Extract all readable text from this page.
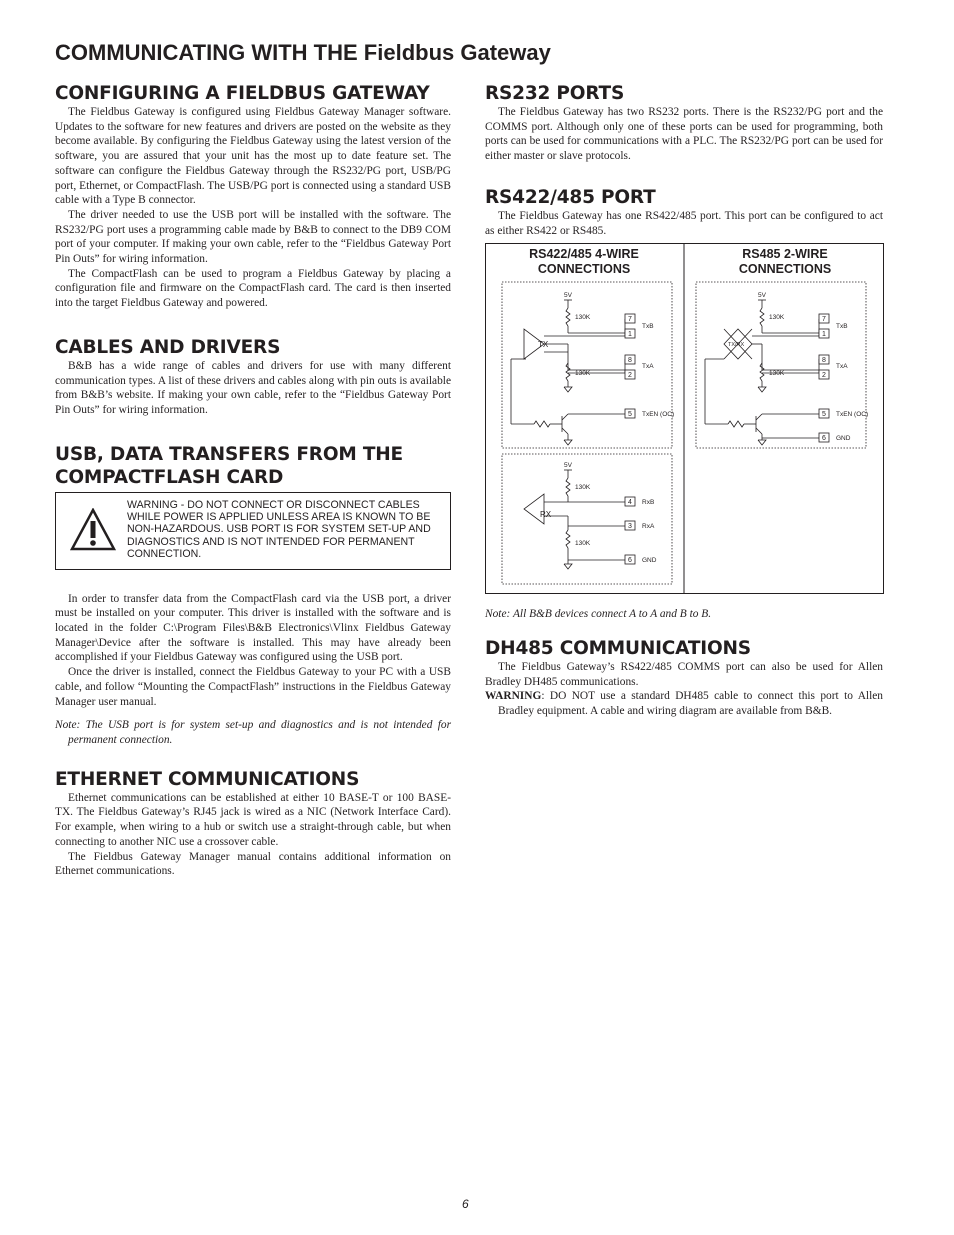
COMMUNICATING WITH THE Fieldbus Gateway
CONFIGURING A FIELDBUS GATEWAY

The Fieldbus Gateway is configured using Fieldbus Gateway Manager software. Updates to the software for new features and drivers are posted on the website as they become available. By configuring the Fieldbus Gateway using the latest version of the software, you are assured that your unit has the most up to date feature set. The software can configure the Fieldbus Gateway through the RS232/PG port, USB/PG port, Ethernet, or CompactFlash. The USB/PG port is connected using a standard USB cable with a Type B connector.

The driver needed to use the USB port will be installed with the software. The RS232/PG port uses a programming cable made by B&B to connect to the DB9 COM port of your computer. If making your own cable, refer to the “Fieldbus Gateway Port Pin Outs” for wiring information.

The CompactFlash can be used to program a Fieldbus Gateway by placing a configuration file and firmware on the CompactFlash card. The card is then inserted into the target Fieldbus Gateway and powered.

CABLES AND DRIVERS

B&B has a wide range of cables and drivers for use with many different communication types. A list of these drivers and cables along with pin outs is available from B&B’s website. If making your own cable, refer to the “Fieldbus Gateway Port Pin Outs” for wiring information.

USB, DATA TRANSFERS FROM THE
COMPACTFLASH CARD
WARNING - DO NOT CONNECT OR DISCONNECT CABLES WHILE POWER IS APPLIED UNLESS AREA IS KNOWN TO BE NON-HAZARDOUS. USB PORT IS FOR SYSTEM SET-UP AND DIAGNOSTICS AND IS NOT INTENDED FOR PERMANENT CONNECTION.

In order to transfer data from the CompactFlash card via the USB port, a driver must be installed on your computer. This driver is installed with the software and is located in the folder C:\Program Files\B&B Electronics\Vlinx Fieldbus Gateway Manager\Device after the software is installed. This may have already been accomplished if your Fieldbus Gateway was configured using the USB port.

Once the driver is installed, connect the Fieldbus Gateway to your PC with a USB cable, and follow “Mounting the CompactFlash” instructions in the Fieldbus Gateway Manager user manual.

Note: The USB port is for system set-up and diagnostics and is not intended for permanent connection.

ETHERNET COMMUNICATIONS

Ethernet communications can be established at either 10 BASE-T or 100 BASE-TX. The Fieldbus Gateway’s RJ45 jack is wired as a NIC (Network Interface Card). For example, when wiring to a hub or switch use a straight-through cable, but when connecting to another NIC use a crossover cable.

The Fieldbus Gateway Manager manual contains additional information on Ethernet communications.

RS232 PORTS

The Fieldbus Gateway has two RS232 ports. There is the RS232/PG port and the COMMS port. Although only one of these ports can be used for programming, both ports can be used for communications with a PLC. The RS232/PG port can be used for either master or slave protocols.

RS422/485 PORT

The Fieldbus Gateway has one RS422/485 port. This port can be configured to act as either RS422 or RS485.

RS422/485 4-WIRE
CONNECTIONS
RS485 2-WIRE
CONNECTIONS
5V
130K
130K
TxB
TxA
TxEN (OC)
5V
130K
130K
RxB
RxA
GND
5V
130K
130K
TxB
TxA
TxEN (OC)
GND
TX
RX
TX/RX
7
1
8
2
5
4
3
6
7
1
8
2
5
6

Note: All B&B devices connect A to A and B to B.

DH485 COMMUNICATIONS

The Fieldbus Gateway’s RS422/485 COMMS port can also be used for Allen Bradley DH485 communications.

WARNING: DO NOT use a standard DH485 cable to connect this port to Allen Bradley equipment. A cable and wiring diagram are available from B&B.

6
